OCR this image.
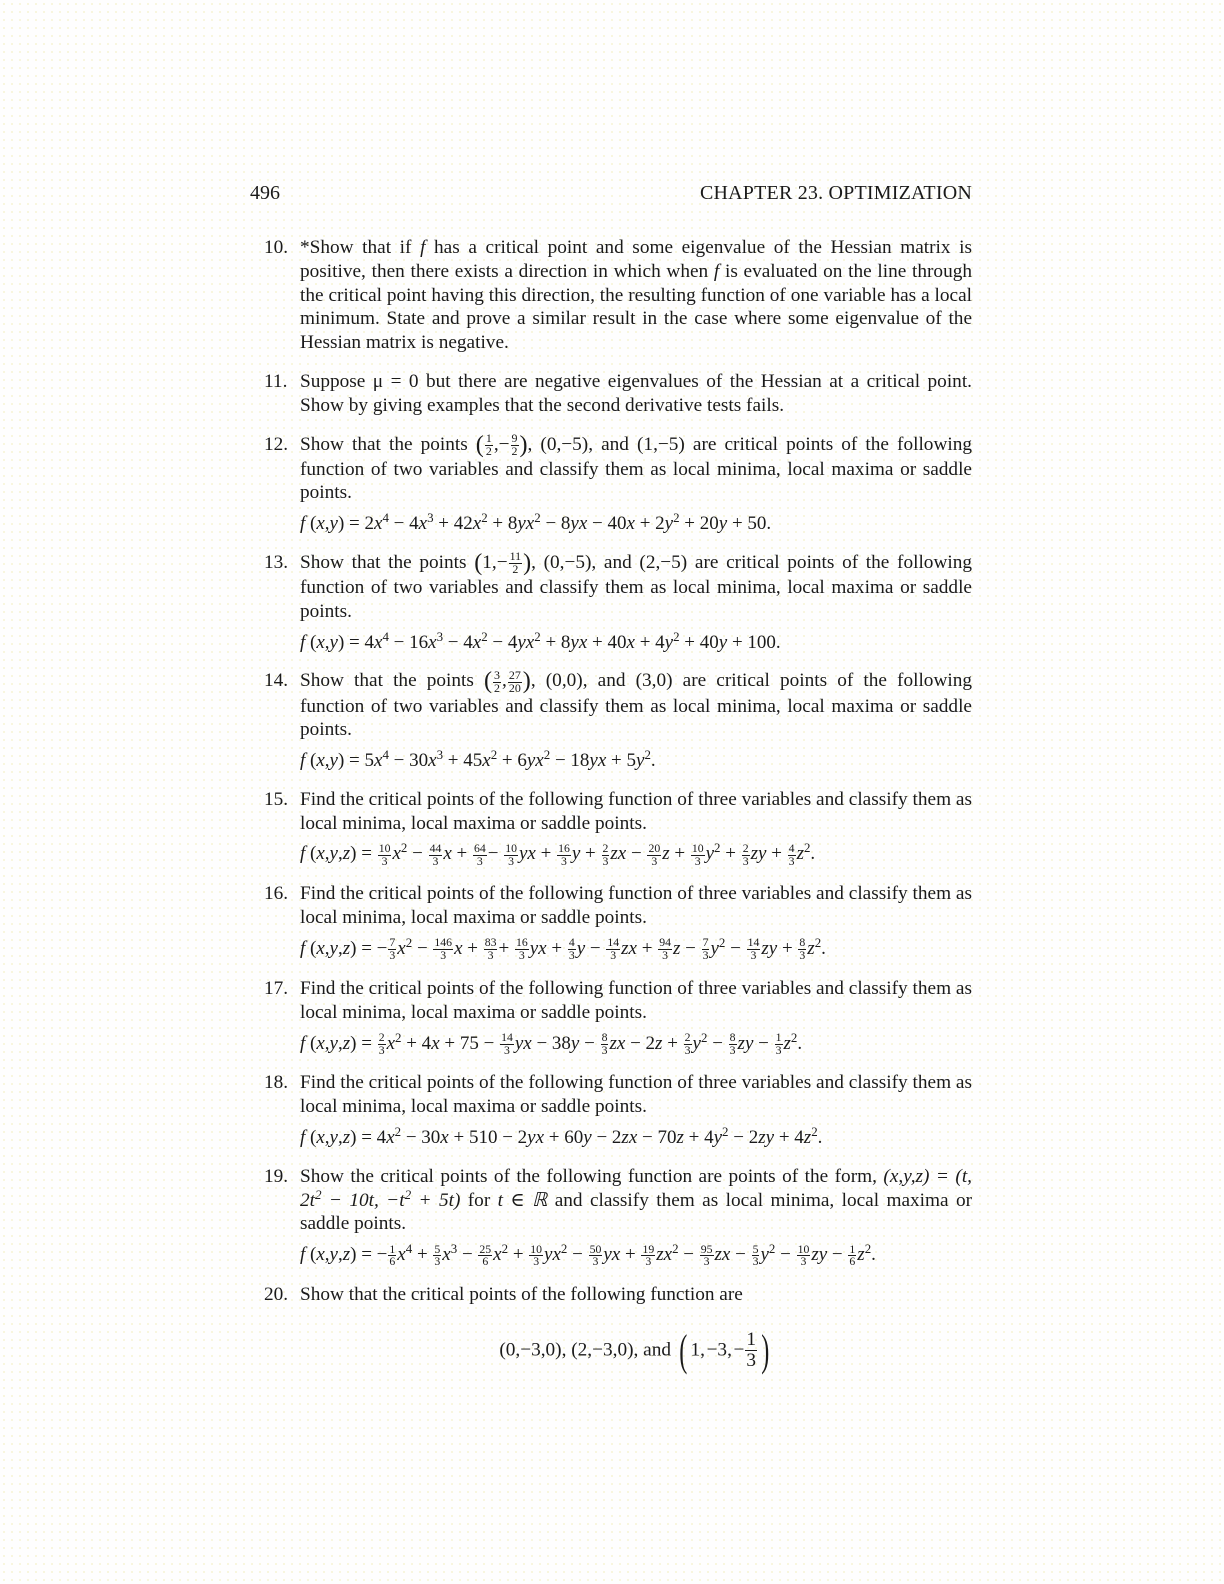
496	CHAPTER 23. OPTIMIZATION
10. *Show that if f has a critical point and some eigenvalue of the Hessian matrix is positive, then there exists a direction in which when f is evaluated on the line through the critical point having this direction, the resulting function of one variable has a local minimum. State and prove a similar result in the case where some eigenvalue of the Hessian matrix is negative.
11. Suppose μ = 0 but there are negative eigenvalues of the Hessian at a critical point. Show by giving examples that the second derivative tests fails.
12. Show that the points ( $\frac{1}{2}$ ,− $\frac{9}{2}$ ), (0,−5), and (1,−5) are critical points of the following function of two variables and classify them as local minima, local maxima or saddle points.
f $(x,y) = 2x^4 - 4x^3 + 42x^2 + 8yx^2 - 8yx - 40x + 2y^2 + 20y + 50$.
13. Show that the points ($1,- \frac{11}{2}$ ), (0,−5), and (2,−5) are critical points of the following function of two variables and classify them as local minima, local maxima or saddle points.
f $(x,y) = 4x^4 - 16x^3 - 4x^2 - 4yx^2 + 8yx + 40x + 4y^2 + 40y + 100$.
14. Show that the points ( $\frac{3}{2}$ , $\frac{27}{20}$ ), (0,0), and (3,0) are critical points of the following function of two variables and classify them as local minima, local maxima or saddle points.
f $(x,y) = 5x^4 - 30x^3 + 45x^2 + 6yx^2 - 18yx + 5y^2$.
15. Find the critical points of the following function of three variables and classify them as local minima, local maxima or saddle points.
f $(x,y,z) = \frac{10}{3} x^2 - \frac{44}{3}$ $x + \frac{64}{3} - \frac{10}{3}$ yx + $\frac{16}{3}$ $y + \frac{2}{3}$ zx − $\frac{20}{3}$ $z + \frac{10}{3} y^2 + \frac{2}{3}$ zy + $\frac{4}{3} z^2$.
16. Find the critical points of the following function of three variables and classify them as local minima, local maxima or saddle points.
f (x,y,z) = − $\frac{7}{3} x^2 - \frac{146}{3}$ $x + \frac{83}{3} + \frac{16}{3}$ yx + $\frac{4}{3}$ $y - \frac{14}{3}$ zx + $\frac{94}{3}$ $z - \frac{7}{3} y^2 - \frac{14}{3}$ zy + $\frac{8}{3} z^2$.
17. Find the critical points of the following function of three variables and classify them as local minima, local maxima or saddle points.
f $(x,y,z) = \frac{2}{3} x^2 + 4x + 75 - \frac{14}{3}$ yx − $38y - \frac{8}{3}$ zx − $2z + \frac{2}{3} y^2 - \frac{8}{3}$ zy − $\frac{1}{3} z^2$.
18. Find the critical points of the following function of three variables and classify them as local minima, local maxima or saddle points.
f $(x,y,z) = 4x^2 - 30x + 510 - 2yx + 60y - 2zx - 70z + 4y^2 - 2zy + 4z^2$.
19. Show the critical points of the following function are points of the form, (x,y,z) = (t, $2t^2 - 10t$, $-t^2 + 5t$) for t ∈ ℝ and classify them as local minima, local maxima or saddle points.
f (x,y,z) = − $\frac{1}{6} x^4 + \frac{5}{3} x^3 - \frac{25}{6} x^2 + \frac{10}{3} yx^2 - \frac{50}{3}$ yx + $\frac{19}{3} zx^2 - \frac{95}{3}$ zx − $\frac{5}{3} y^2 - \frac{10}{3}$ zy − $\frac{1}{6} z^2$.
20. Show that the critical points of the following function are
(0,−3,0), (2,−3,0), and ( 1, −3, − $\frac{1}{3}$ )
